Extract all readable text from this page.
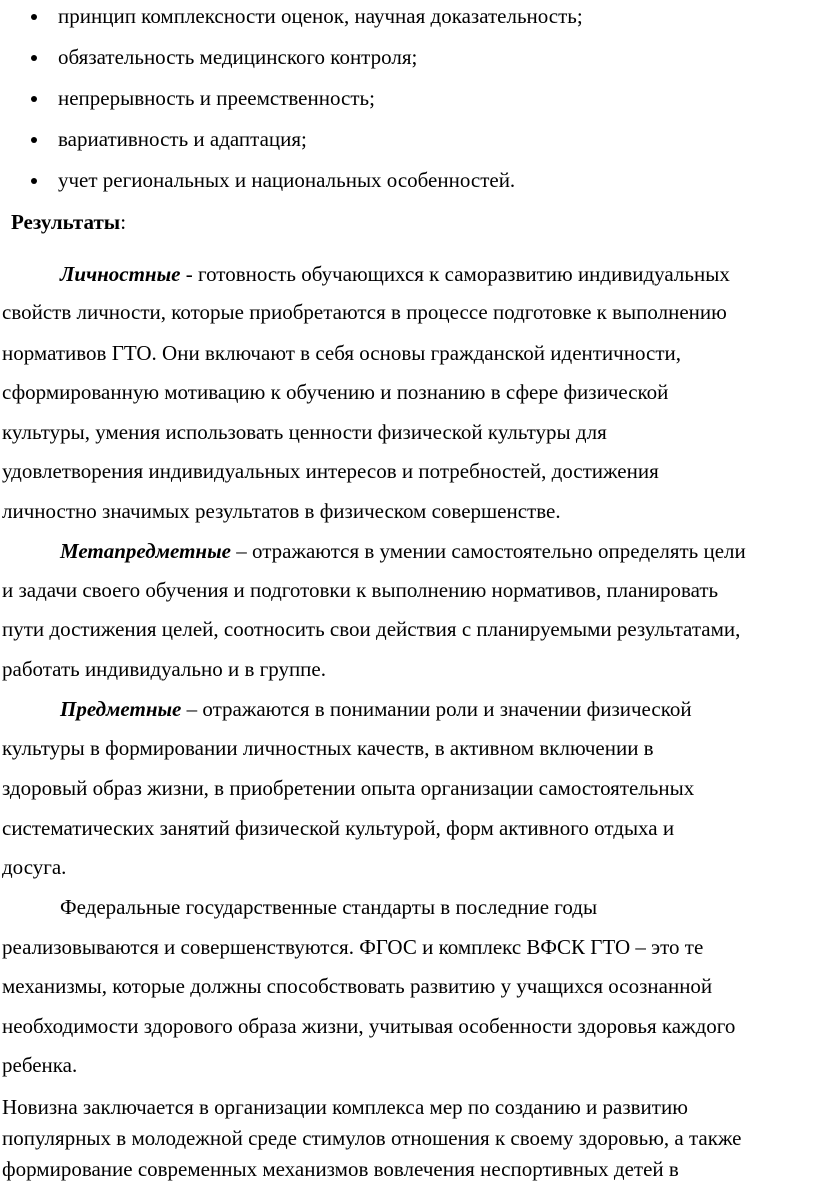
принцип комплексности оценок, научная доказательность;
обязательность медицинского контроля;
непрерывность и преемственность;
вариативность и адаптация;
учет региональных и национальных особенностей.
Результаты:
Личностные - готовность обучающихся к саморазвитию индивидуальных
свойств личности, которые приобретаются в процессе подготовке к выполнению
нормативов ГТО. Они включают в себя основы гражданской идентичности,
сформированную мотивацию к обучению и познанию в сфере физической
культуры, умения использовать ценности физической культуры для
удовлетворения индивидуальных интересов и потребностей, достижения
личностно значимых результатов в физическом совершенстве.
Метапредметные – отражаются в умении самостоятельно определять цели
и задачи своего обучения и подготовки к выполнению нормативов, планировать
пути достижения целей, соотносить свои действия с планируемыми результатами,
работать индивидуально и в группе.
Предметные – отражаются в понимании роли и значении физической
культуры в формировании личностных качеств, в активном включении в
здоровый образ жизни, в приобретении опыта организации самостоятельных
систематических занятий физической культурой, форм активного отдыха и
досуга.
Федеральные государственные стандарты в последние годы
реализовываются и совершенствуются. ФГОС и комплекс ВФСК ГТО – это те
механизмы, которые должны способствовать развитию у учащихся осознанной
необходимости здорового образа жизни, учитывая особенности здоровья каждого
ребенка.
Новизна заключается в организации комплекса мер по созданию и развитию
популярных в молодежной среде стимулов отношения к своему здоровью, а также
формирование современных механизмов вовлечения неспортивных детей в
